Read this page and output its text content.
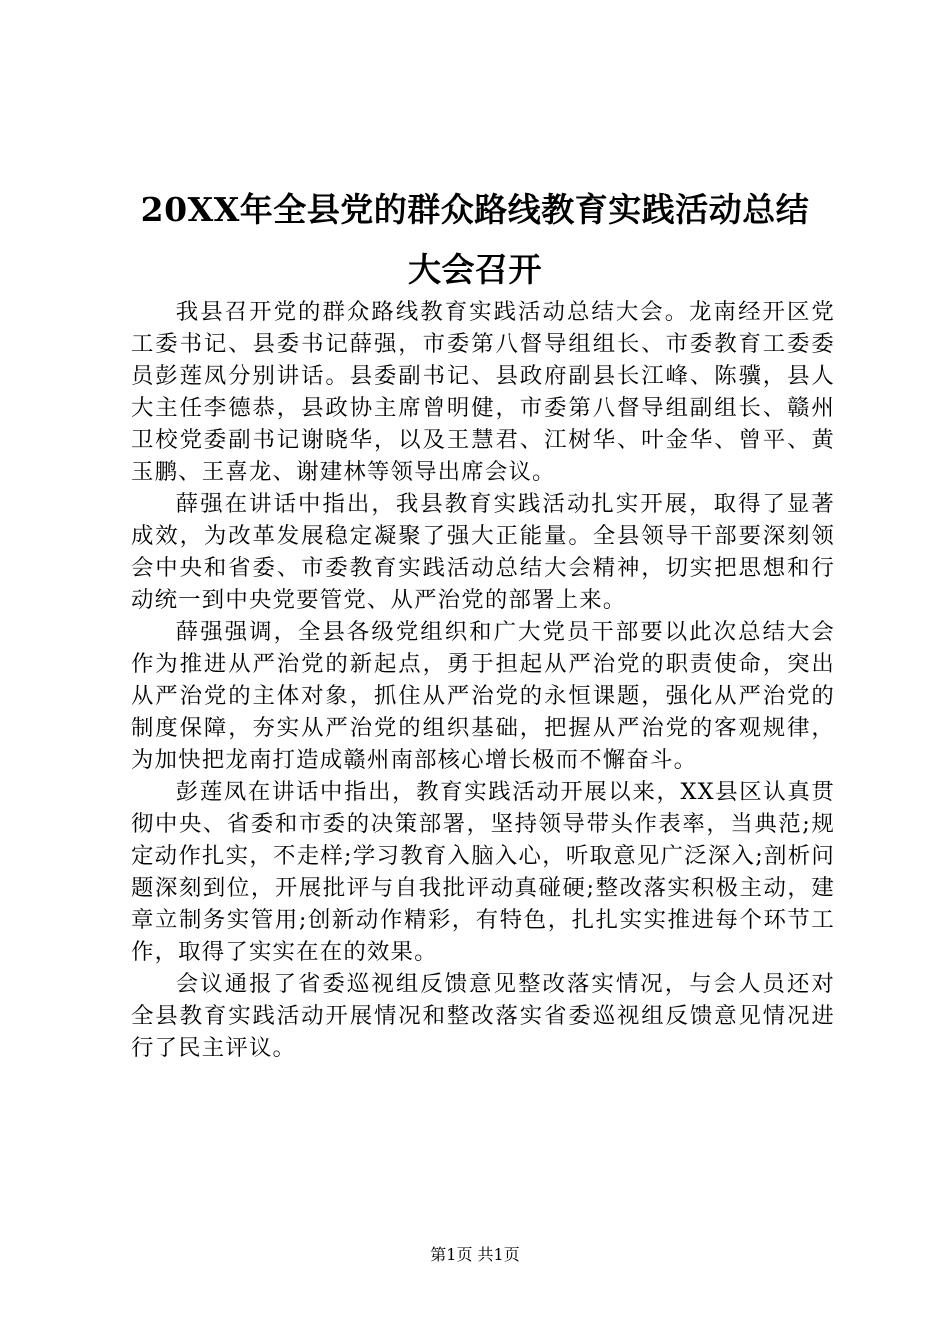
20XX年全县党的群众路线教育实践活动总结
大会召开

我县召开党的群众路线教育实践活动总结大会。龙南经开区党工委书记、县委书记薛强，市委第八督导组组长、市委教育工委委员彭莲凤分别讲话。县委副书记、县政府副县长江峰、陈骥，县人大主任李德恭，县政协主席曾明健，市委第八督导组副组长、赣州卫校党委副书记谢晓华，以及王慧君、江树华、叶金华、曾平、黄玉鹏、王喜龙、谢建林等领导出席会议。

薛强在讲话中指出，我县教育实践活动扎实开展，取得了显著成效，为改革发展稳定凝聚了强大正能量。全县领导干部要深刻领会中央和省委、市委教育实践活动总结大会精神，切实把思想和行动统一到中央党要管党、从严治党的部署上来。

薛强强调，全县各级党组织和广大党员干部要以此次总结大会作为推进从严治党的新起点，勇于担起从严治党的职责使命，突出从严治党的主体对象，抓住从严治党的永恒课题，强化从严治党的制度保障，夯实从严治党的组织基础，把握从严治党的客观规律，为加快把龙南打造成赣州南部核心增长极而不懈奋斗。

彭莲凤在讲话中指出，教育实践活动开展以来，XX县区认真贯彻中央、省委和市委的决策部署，坚持领导带头作表率，当典范;规定动作扎实，不走样;学习教育入脑入心，听取意见广泛深入;剖析问题深刻到位，开展批评与自我批评动真碰硬;整改落实积极主动，建章立制务实管用;创新动作精彩，有特色，扎扎实实推进每个环节工作，取得了实实在在的效果。

会议通报了省委巡视组反馈意见整改落实情况，与会人员还对全县教育实践活动开展情况和整改落实省委巡视组反馈意见情况进行了民主评议。

第1页 共1页
